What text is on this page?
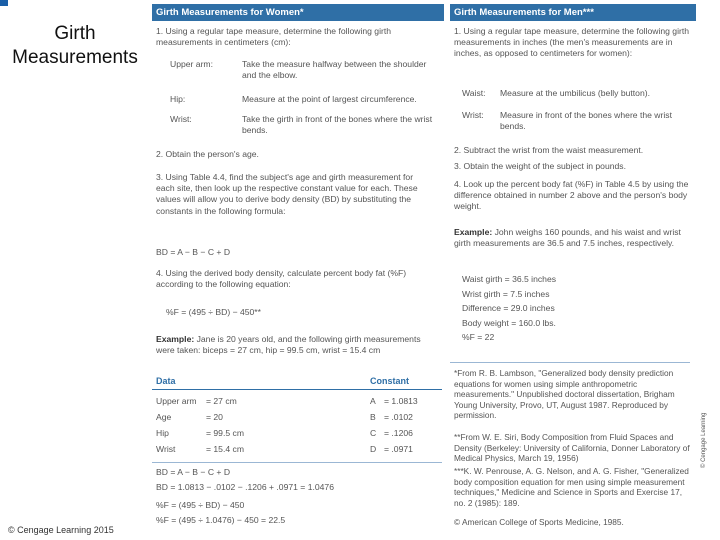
Girth
Measurements
© Cengage Learning 2015
© Cengage Learning
Girth Measurements for Women*
1. Using a regular tape measure, determine the following girth measurements in centimeters (cm):
Upper arm:	Take the measure halfway between the shoulder and the elbow.
Hip:	Measure at the point of largest circumference.
Wrist:	Take the girth in front of the bones where the wrist bends.
2. Obtain the person's age.
3. Using Table 4.4, find the subject's age and girth measurement for each site, then look up the respective constant value for each. These values will allow you to derive body density (BD) by substituting the constants in the following formula:
BD = A − B − C + D
4. Using the derived body density, calculate percent body fat (%F) according to the following equation:
%F = (495 ÷ BD) − 450**
Example: Jane is 20 years old, and the following girth measurements were taken: biceps = 27 cm, hip = 99.5 cm, wrist = 15.4 cm
Data	Constant
Upper arm = 27 cm	A = 1.0813
Age	= 20	B = .0102
Hip	= 99.5 cm	C = .1206
Wrist	= 15.4 cm	D = .0971
BD = A − B − C + D
BD = 1.0813 − .0102 − .1206 + .0971 = 1.0476
%F = (495 ÷ BD) − 450
%F = (495 ÷ 1.0476) − 450 = 22.5
Girth Measurements for Men***
1. Using a regular tape measure, determine the following girth measurements in inches (the men's measurements are in inches, as opposed to centimeters for women):
Waist:	Measure at the umbilicus (belly button).
Wrist:	Measure in front of the bones where the wrist bends.
2. Subtract the wrist from the waist measurement.
3. Obtain the weight of the subject in pounds.
4. Look up the percent body fat (%F) in Table 4.5 by using the difference obtained in number 2 above and the person's body weight.
Example: John weighs 160 pounds, and his waist and wrist girth measurements are 36.5 and 7.5 inches, respectively.
Waist girth = 36.5 inches
Wrist girth = 7.5 inches
Difference = 29.0 inches
Body weight = 160.0 lbs.
%F = 22
*From R. B. Lambson, "Generalized body density prediction equations for women using simple anthropometric measurements." Unpublished doctoral dissertation, Brigham Young University, Provo, UT, August 1987. Reproduced by permission.
**From W. E. Siri, Body Composition from Fluid Spaces and Density (Berkeley: University of California, Donner Laboratory of Medical Physics, March 19, 1956)
***K. W. Penrouse, A. G. Nelson, and A. G. Fisher, "Generalized body composition equation for men using simple measurement techniques," Medicine and Science in Sports and Exercise 17, no. 2 (1985): 189.
© American College of Sports Medicine, 1985.
